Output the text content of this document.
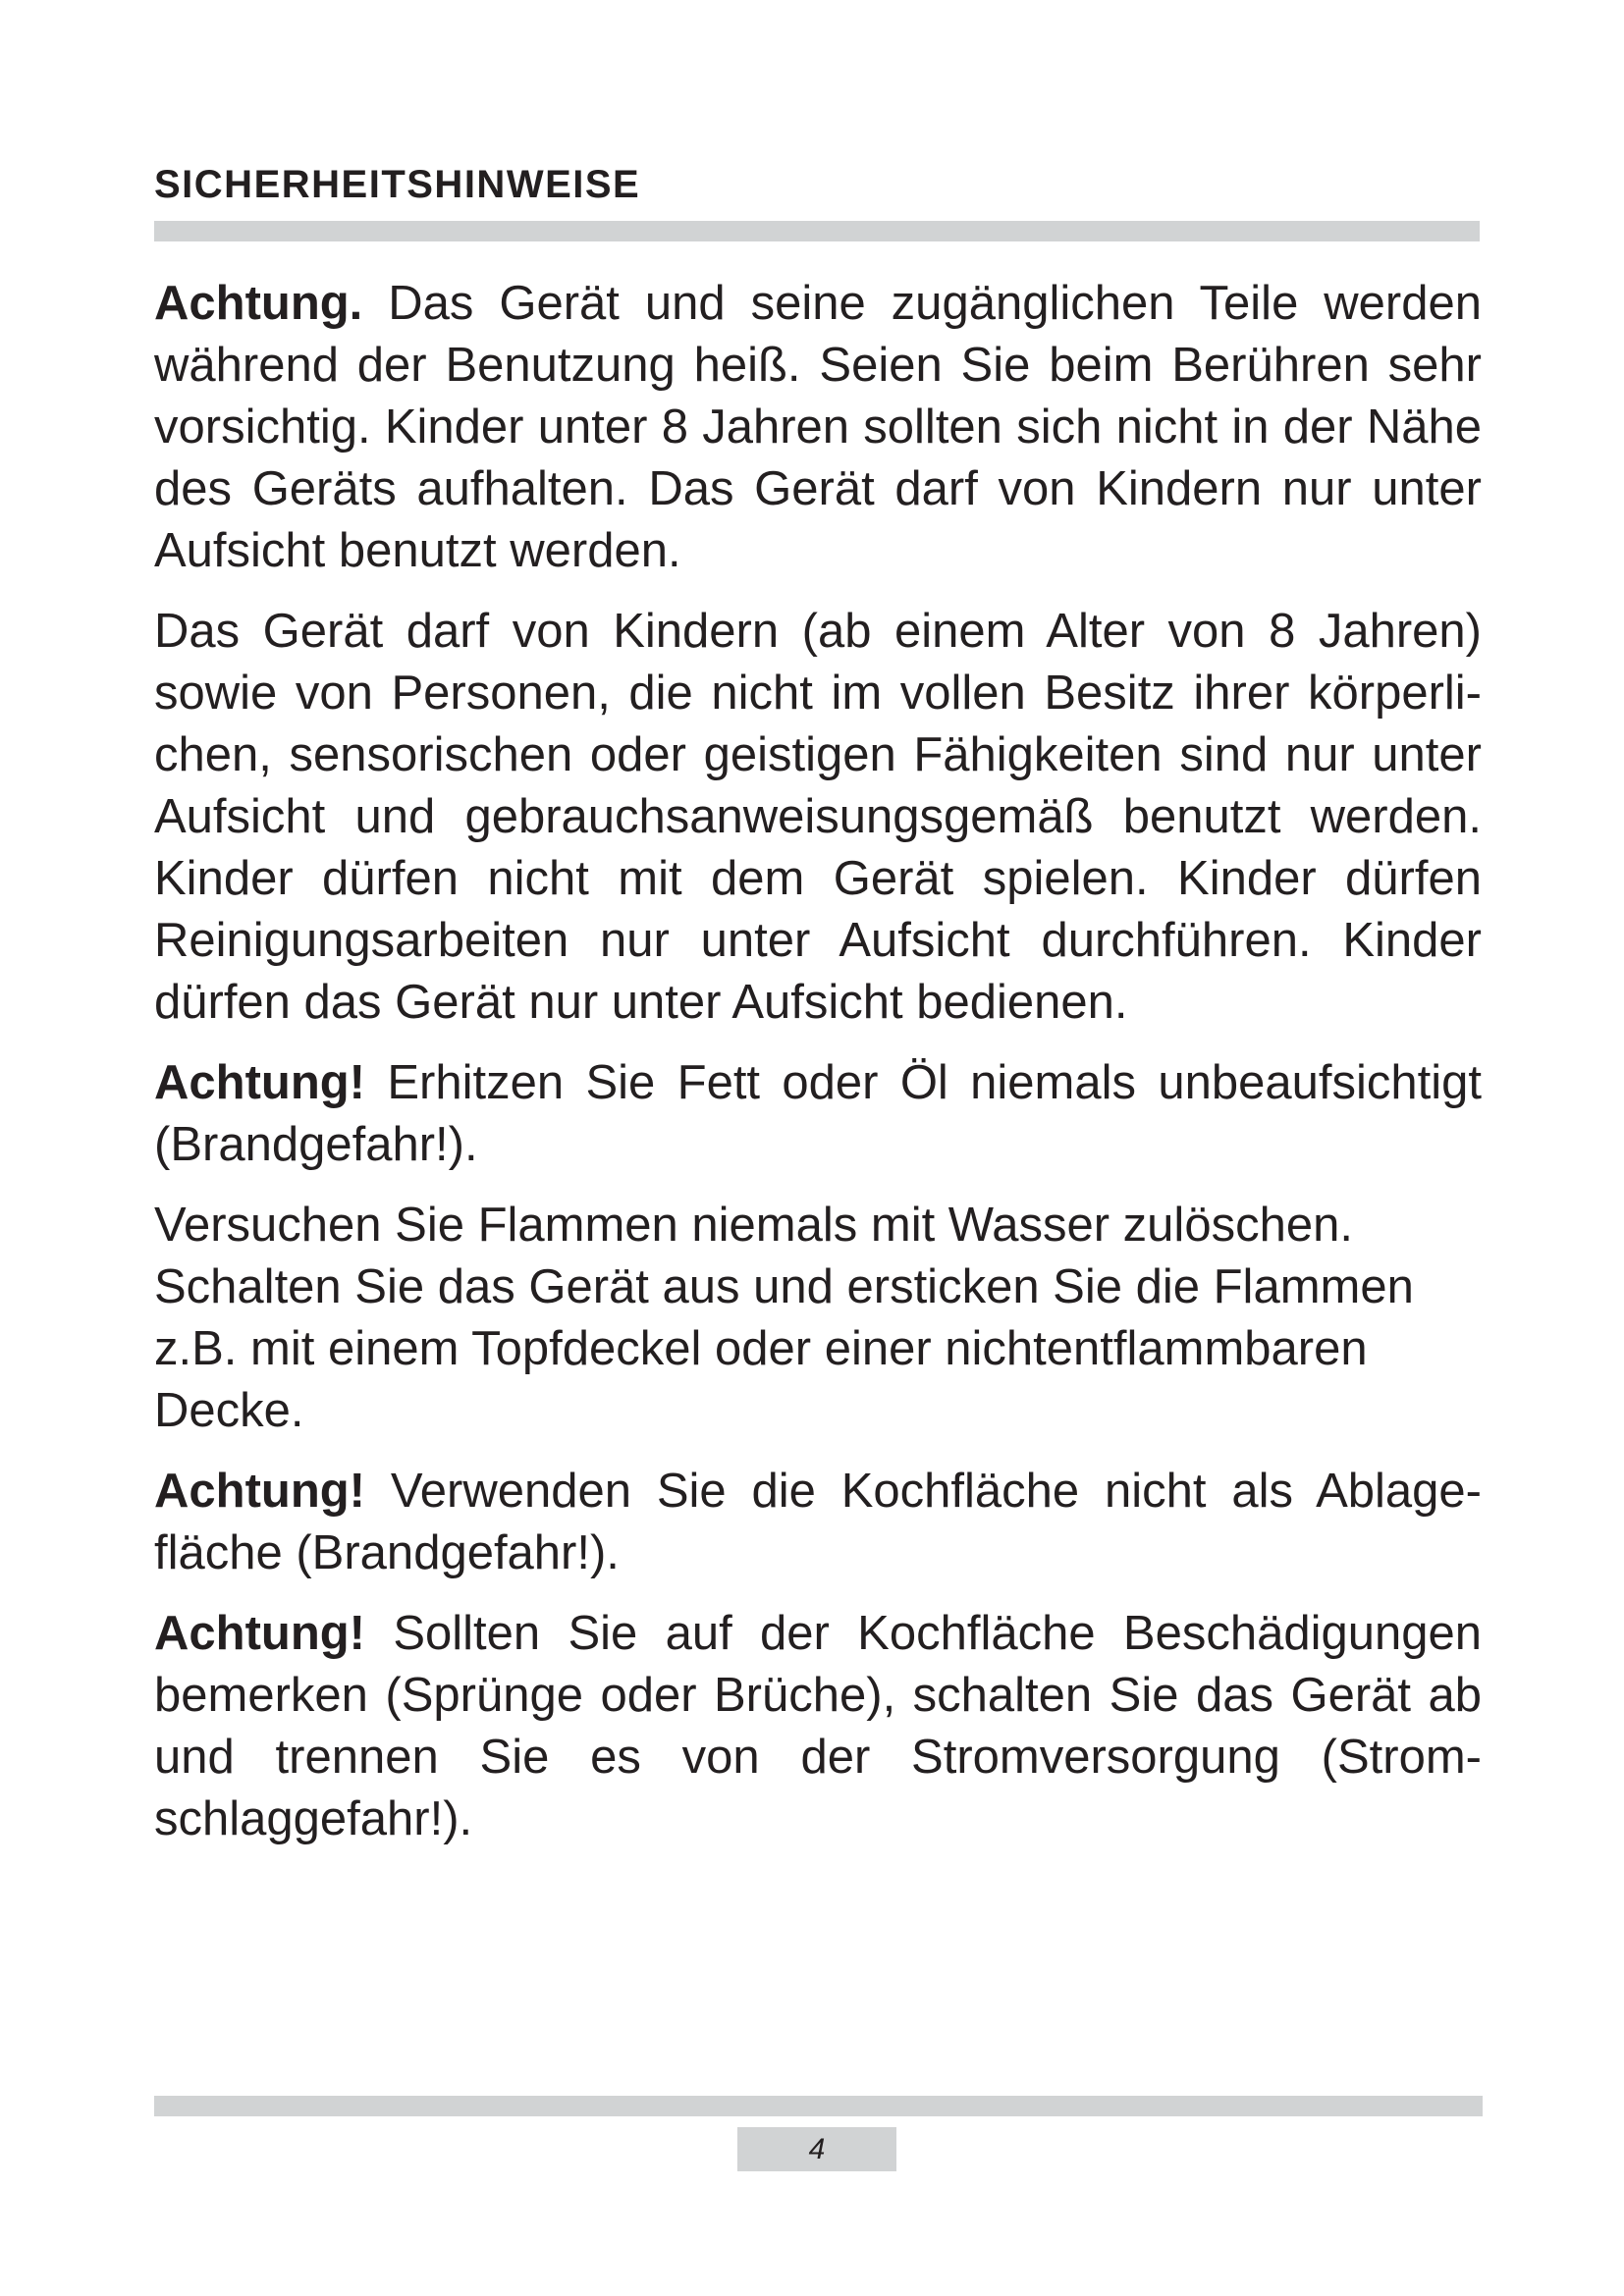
SICHERHEITSHINWEISE

Achtung. Das Gerät und seine zugänglichen Teile werden während der Benutzung heiß. Seien Sie beim Berühren sehr vorsichtig. Kinder unter 8 Jahren sollten sich nicht in der Nähe des Geräts aufhalten. Das Gerät darf von Kindern nur unter Aufsicht benutzt werden.

Das Gerät darf von Kindern (ab einem Alter von 8 Jahren) sowie von Personen, die nicht im vollen Besitz ihrer körperlichen, sensorischen oder geistigen Fähigkeiten sind nur unter Aufsicht und gebrauchsanweisungsgemäß benutzt werden. Kinder dürfen nicht mit dem Gerät spielen. Kinder dürfen Reinigungsarbeiten nur unter Aufsicht durchführen. Kinder dürfen das Gerät nur unter Aufsicht bedienen.

Achtung! Erhitzen Sie Fett oder Öl niemals unbeaufsichtigt (Brandgefahr!).

Versuchen Sie Flammen niemals mit Wasser zulöschen. Schalten Sie das Gerät aus und ersticken Sie die Flammen z.B. mit einem Topfdeckel oder einer nichtentflammbaren Decke.

Achtung! Verwenden Sie die Kochfläche nicht als Ablagefläche (Brandgefahr!).

Achtung! Sollten Sie auf der Kochfläche Beschädigungen bemerken (Sprünge oder Brüche), schalten Sie das Gerät ab und trennen Sie es von der Stromversorgung (Stromschlaggefahr!).

4
